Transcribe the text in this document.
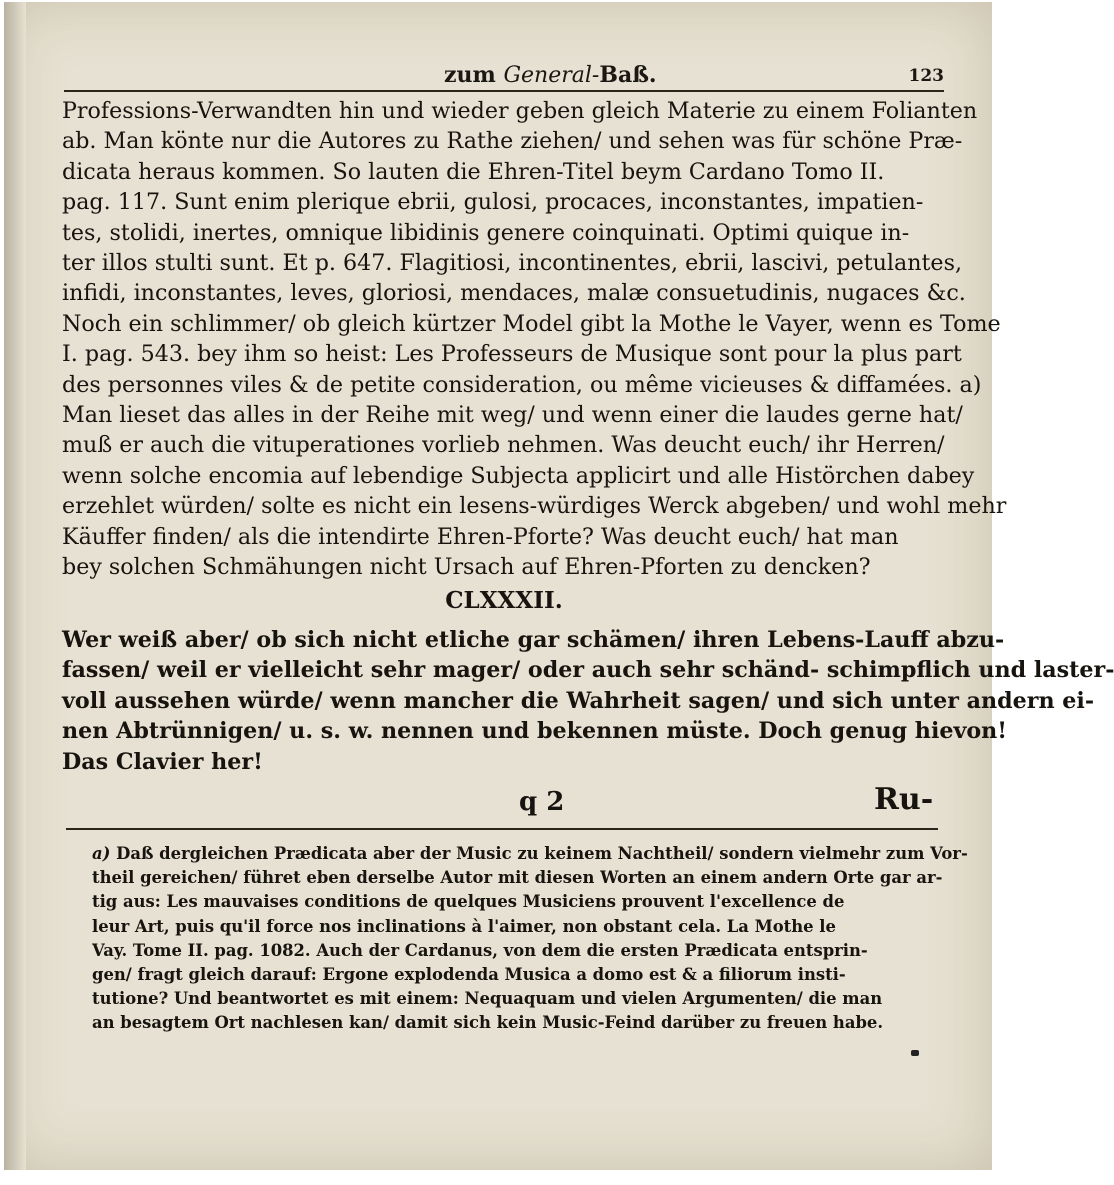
zum General-Baß.	123
Professions-Verwandten hin und wieder geben gleich Materie zu einem Folianten
ab. Man könte nur die Autores zu Rathe ziehen/ und sehen was für schöne Præ-
dicata heraus kommen. So lauten die Ehren-Titel beym Cardano Tomo II.
pag. 117. Sunt enim plerique ebrii, gulosi, procaces, inconstantes, impatien-
tes, stolidi, inertes, omnique libidinis genere coinquinati. Optimi quique in-
ter illos stulti sunt. Et p. 647. Flagitiosi, incontinentes, ebrii, lascivi, petulantes,
infidi, inconstantes, leves, gloriosi, mendaces, malæ consuetudinis, nugaces &c.
Noch ein schlimmer/ ob gleich kürtzer Model gibt la Mothe le Vayer, wenn es Tome
I. pag. 543. bey ihm so heist: Les Professeurs de Musique sont pour la plus part
des personnes viles & de petite consideration, ou même vicieuses & diffamées. a)
Man lieset das alles in der Reihe mit weg/ und wenn einer die laudes gerne hat/
muß er auch die vituperationes vorlieb nehmen. Was deucht euch/ ihr Herren/
wenn solche encomia auf lebendige Subjecta applicirt und alle Histörchen dabey
erzehlet würden/ solte es nicht ein lesens-würdiges Werck abgeben/ und wohl mehr
Käuffer finden/ als die intendirte Ehren-Pforte? Was deucht euch/ hat man
bey solchen Schmähungen nicht Ursach auf Ehren-Pforten zu dencken?
CLXXXII.
Wer weiß aber/ ob sich nicht etliche gar schämen/ ihren Lebens-Lauff abzu-
fassen/ weil er vielleicht sehr mager/ oder auch sehr schänd- schimpflich und laster-
voll aussehen würde/ wenn mancher die Wahrheit sagen/ und sich unter andern ei-
nen Abtrünnigen/ u. s. w. nennen und bekennen müste. Doch genug hievon!
Das Clavier her!
q 2	Ru-
a) Daß dergleichen Prædicata aber der Music zu keinem Nachtheil/ sondern vielmehr zum Vor-
theil gereichen/ führet eben derselbe Autor mit diesen Worten an einem andern Orte gar ar-
tig aus: Les mauvaises conditions de quelques Musiciens prouvent l'excellence de
leur Art, puis qu'il force nos inclinations à l'aimer, non obstant cela. La Mothe le
Vay. Tome II. pag. 1082. Auch der Cardanus, von dem die ersten Prædicata entsprin-
gen/ fragt gleich darauf: Ergone explodenda Musica a domo est & a filiorum insti-
tutione? Und beantwortet es mit einem: Nequaquam und vielen Argumenten/ die man
an besagtem Ort nachlesen kan/ damit sich kein Music-Feind darüber zu freuen habe.
